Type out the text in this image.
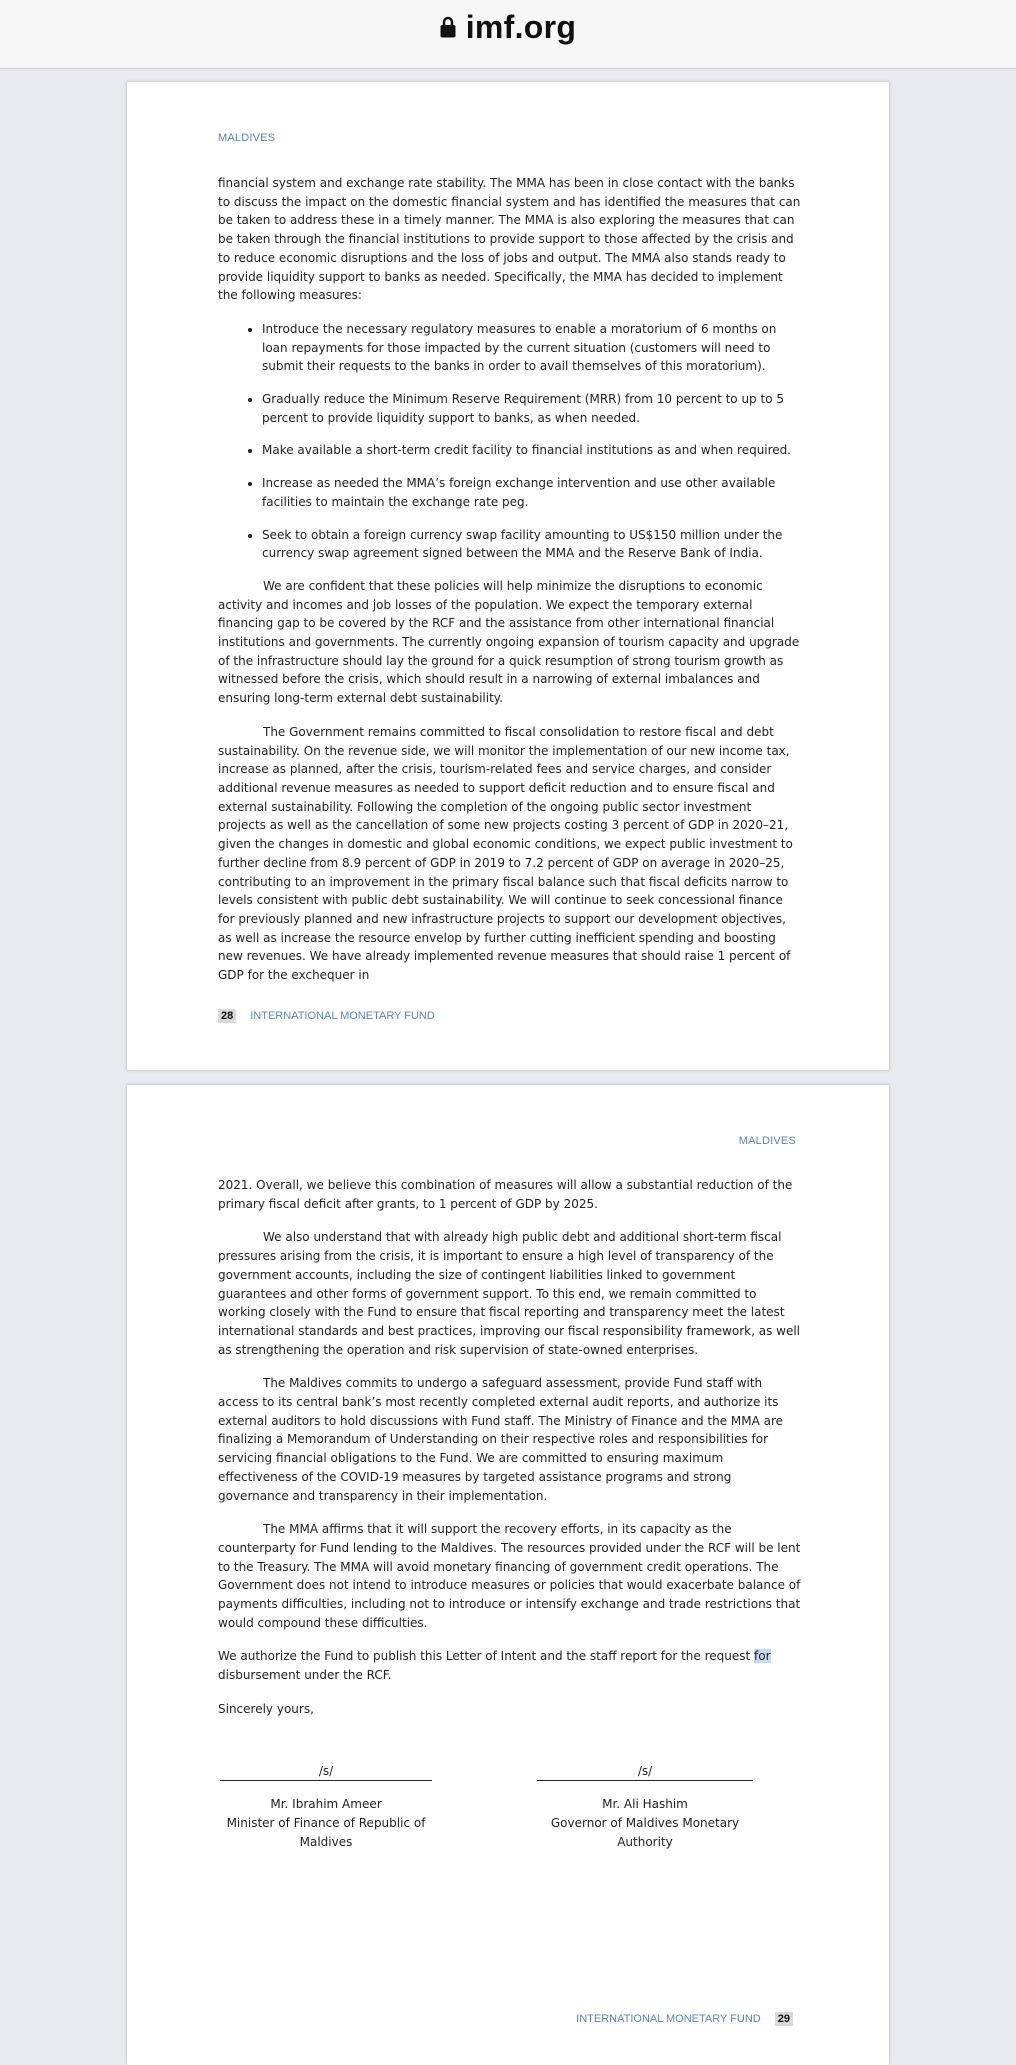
imf.org
MALDIVES

financial system and exchange rate stability. The MMA has been in close contact with the banks to discuss the impact on the domestic financial system and has identified the measures that can be taken to address these in a timely manner. The MMA is also exploring the measures that can be taken through the financial institutions to provide support to those affected by the crisis and to reduce economic disruptions and the loss of jobs and output. The MMA also stands ready to provide liquidity support to banks as needed. Specifically, the MMA has decided to implement the following measures:

• Introduce the necessary regulatory measures to enable a moratorium of 6 months on loan repayments for those impacted by the current situation (customers will need to submit their requests to the banks in order to avail themselves of this moratorium).
• Gradually reduce the Minimum Reserve Requirement (MRR) from 10 percent to up to 5 percent to provide liquidity support to banks, as when needed.
• Make available a short-term credit facility to financial institutions as and when required.
• Increase as needed the MMA’s foreign exchange intervention and use other available facilities to maintain the exchange rate peg.
• Seek to obtain a foreign currency swap facility amounting to US$150 million under the currency swap agreement signed between the MMA and the Reserve Bank of India.

We are confident that these policies will help minimize the disruptions to economic activity and incomes and job losses of the population. We expect the temporary external financing gap to be covered by the RCF and the assistance from other international financial institutions and governments. The currently ongoing expansion of tourism capacity and upgrade of the infrastructure should lay the ground for a quick resumption of strong tourism growth as witnessed before the crisis, which should result in a narrowing of external imbalances and ensuring long-term external debt sustainability.

The Government remains committed to fiscal consolidation to restore fiscal and debt sustainability. On the revenue side, we will monitor the implementation of our new income tax, increase as planned, after the crisis, tourism-related fees and service charges, and consider additional revenue measures as needed to support deficit reduction and to ensure fiscal and external sustainability. Following the completion of the ongoing public sector investment projects as well as the cancellation of some new projects costing 3 percent of GDP in 2020–21, given the changes in domestic and global economic conditions, we expect public investment to further decline from 8.9 percent of GDP in 2019 to 7.2 percent of GDP on average in 2020–25, contributing to an improvement in the primary fiscal balance such that fiscal deficits narrow to levels consistent with public debt sustainability. We will continue to seek concessional finance for previously planned and new infrastructure projects to support our development objectives, as well as increase the resource envelop by further cutting inefficient spending and boosting new revenues. We have already implemented revenue measures that should raise 1 percent of GDP for the exchequer in

28 INTERNATIONAL MONETARY FUND
MALDIVES

2021. Overall, we believe this combination of measures will allow a substantial reduction of the primary fiscal deficit after grants, to 1 percent of GDP by 2025.

We also understand that with already high public debt and additional short-term fiscal pressures arising from the crisis, it is important to ensure a high level of transparency of the government accounts, including the size of contingent liabilities linked to government guarantees and other forms of government support. To this end, we remain committed to working closely with the Fund to ensure that fiscal reporting and transparency meet the latest international standards and best practices, improving our fiscal responsibility framework, as well as strengthening the operation and risk supervision of state-owned enterprises.

The Maldives commits to undergo a safeguard assessment, provide Fund staff with access to its central bank’s most recently completed external audit reports, and authorize its external auditors to hold discussions with Fund staff. The Ministry of Finance and the MMA are finalizing a Memorandum of Understanding on their respective roles and responsibilities for servicing financial obligations to the Fund. We are committed to ensuring maximum effectiveness of the COVID-19 measures by targeted assistance programs and strong governance and transparency in their implementation.

The MMA affirms that it will support the recovery efforts, in its capacity as the counterparty for Fund lending to the Maldives. The resources provided under the RCF will be lent to the Treasury. The MMA will avoid monetary financing of government credit operations. The Government does not intend to introduce measures or policies that would exacerbate balance of payments difficulties, including not to introduce or intensify exchange and trade restrictions that would compound these difficulties.

We authorize the Fund to publish this Letter of Intent and the staff report for the request for disbursement under the RCF.

Sincerely yours,

/s/
Mr. Ibrahim Ameer
Minister of Finance of Republic of Maldives
/s/
Mr. Ali Hashim
Governor of Maldives Monetary Authority
INTERNATIONAL MONETARY FUND 29
